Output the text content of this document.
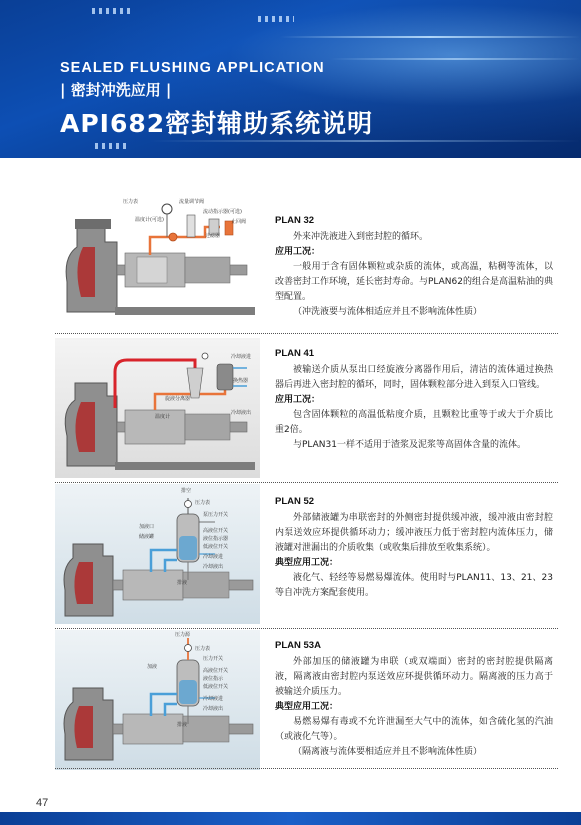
SEALED FLUSHING APPLICATION
| 密封冲洗应用 |
API682密封辅助系统说明
压力表	流量调节阀
流动指示器(可选)
温度计(可选)	止回阀
过滤器
PLAN 32
外来冲洗液进入到密封腔的循环。
应用工况：
一般用于含有固体颗粒或杂质的流体，或高温，粘稠等流体，以改善密封工作环境，延长密封寿命。与PLAN62的组合是高温粘油的典型配置。
（冲洗液要与流体相适应并且不影响流体性质）
冷却液进
换热器
旋液分离器
冷却液出
温度计
PLAN 41
被输送介质从泵出口经旋液分离器作用后，清洁的流体通过换热器后再进入密封腔的循环，同时，固体颗粒部分进入到泵入口管线。
应用工况：
包含固体颗粒的高温低粘度介质，且颗粒比重等于或大于介质比重2倍。
与PLAN31一样不适用于渣浆及泥浆等高固体含量的流体。
排空
压力表
泵压力开关
加液口
储液罐
高液位开关
液位指示器
低液位开关
冷却液进
冷却液出
排液
PLAN 52
外部储液罐为串联密封的外侧密封提供缓冲液，缓冲液由密封腔内泵送效应环提供循环动力；缓冲液压力低于密封腔内流体压力，储液罐对泄漏出的介质收集（或收集后排放至收集系统）。
典型应用工况：
液化气、轻经等易燃易爆流体。使用时与PLAN11、13、21、23等自冲洗方案配套使用。
压力源
压力表
压力开关
加液
高液位开关
液位指示
低液位开关
冷却液进
冷却液出
排液
PLAN 53A
外部加压的储液罐为串联（或双端面）密封的密封腔提供隔离液，隔离液由密封腔内泵送效应环提供循环动力。隔离液的压力高于被输送介质压力。
典型应用工况：
易燃易爆有毒或不允许泄漏至大气中的流体，如含硫化氢的汽油（或液化气等）。
（隔离液与流体要相适应并且不影响流体性质）
47
